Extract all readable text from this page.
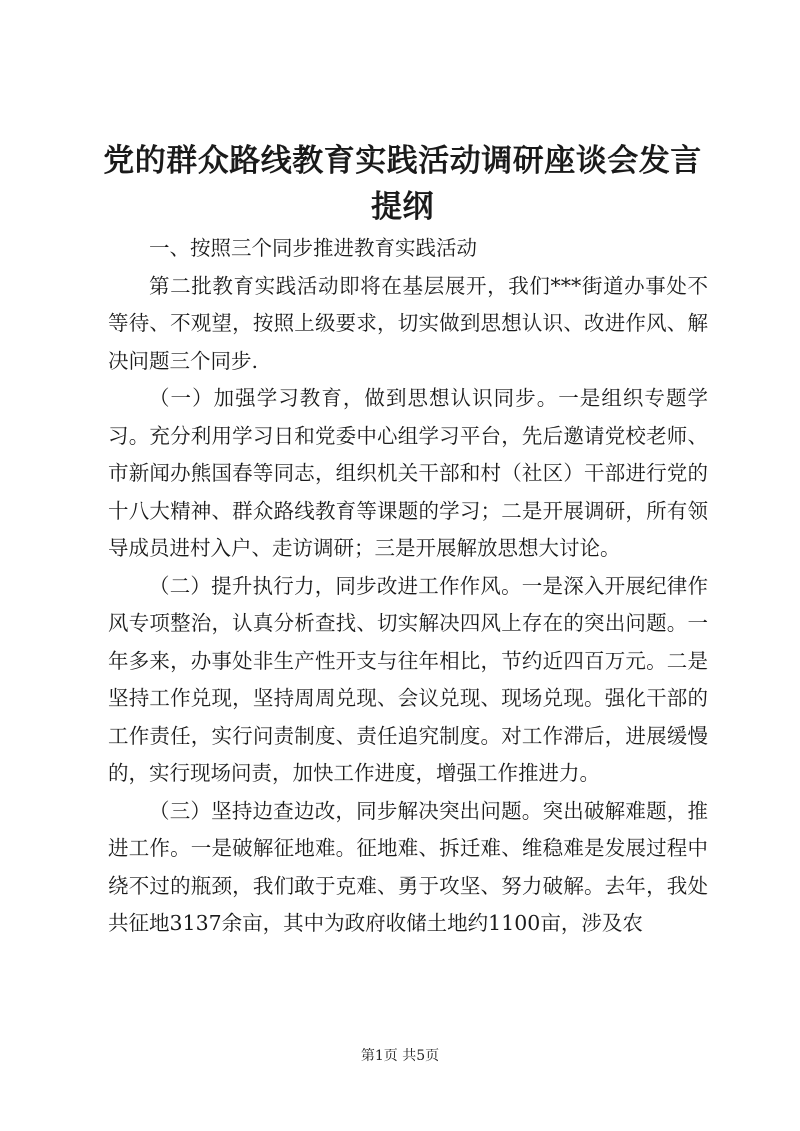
党的群众路线教育实践活动调研座谈会发言提纲

一、按照三个同步推进教育实践活动

第二批教育实践活动即将在基层展开，我们***街道办事处不等待、不观望，按照上级要求，切实做到思想认识、改进作风、解决问题三个同步.

（一）加强学习教育，做到思想认识同步。一是组织专题学习。充分利用学习日和党委中心组学习平台，先后邀请党校老师、市新闻办熊国春等同志，组织机关干部和村（社区）干部进行党的十八大精神、群众路线教育等课题的学习；二是开展调研，所有领导成员进村入户、走访调研；三是开展解放思想大讨论。

（二）提升执行力，同步改进工作作风。一是深入开展纪律作风专项整治，认真分析查找、切实解决四风上存在的突出问题。一年多来，办事处非生产性开支与往年相比，节约近四百万元。二是坚持工作兑现，坚持周周兑现、会议兑现、现场兑现。强化干部的工作责任，实行问责制度、责任追究制度。对工作滞后，进展缓慢的，实行现场问责，加快工作进度，增强工作推进力。

（三）坚持边查边改，同步解决突出问题。突出破解难题，推进工作。一是破解征地难。征地难、拆迁难、维稳难是发展过程中绕不过的瓶颈，我们敢于克难、勇于攻坚、努力破解。去年，我处共征地3137余亩，其中为政府收储土地约1100亩，涉及农

第1页 共5页
